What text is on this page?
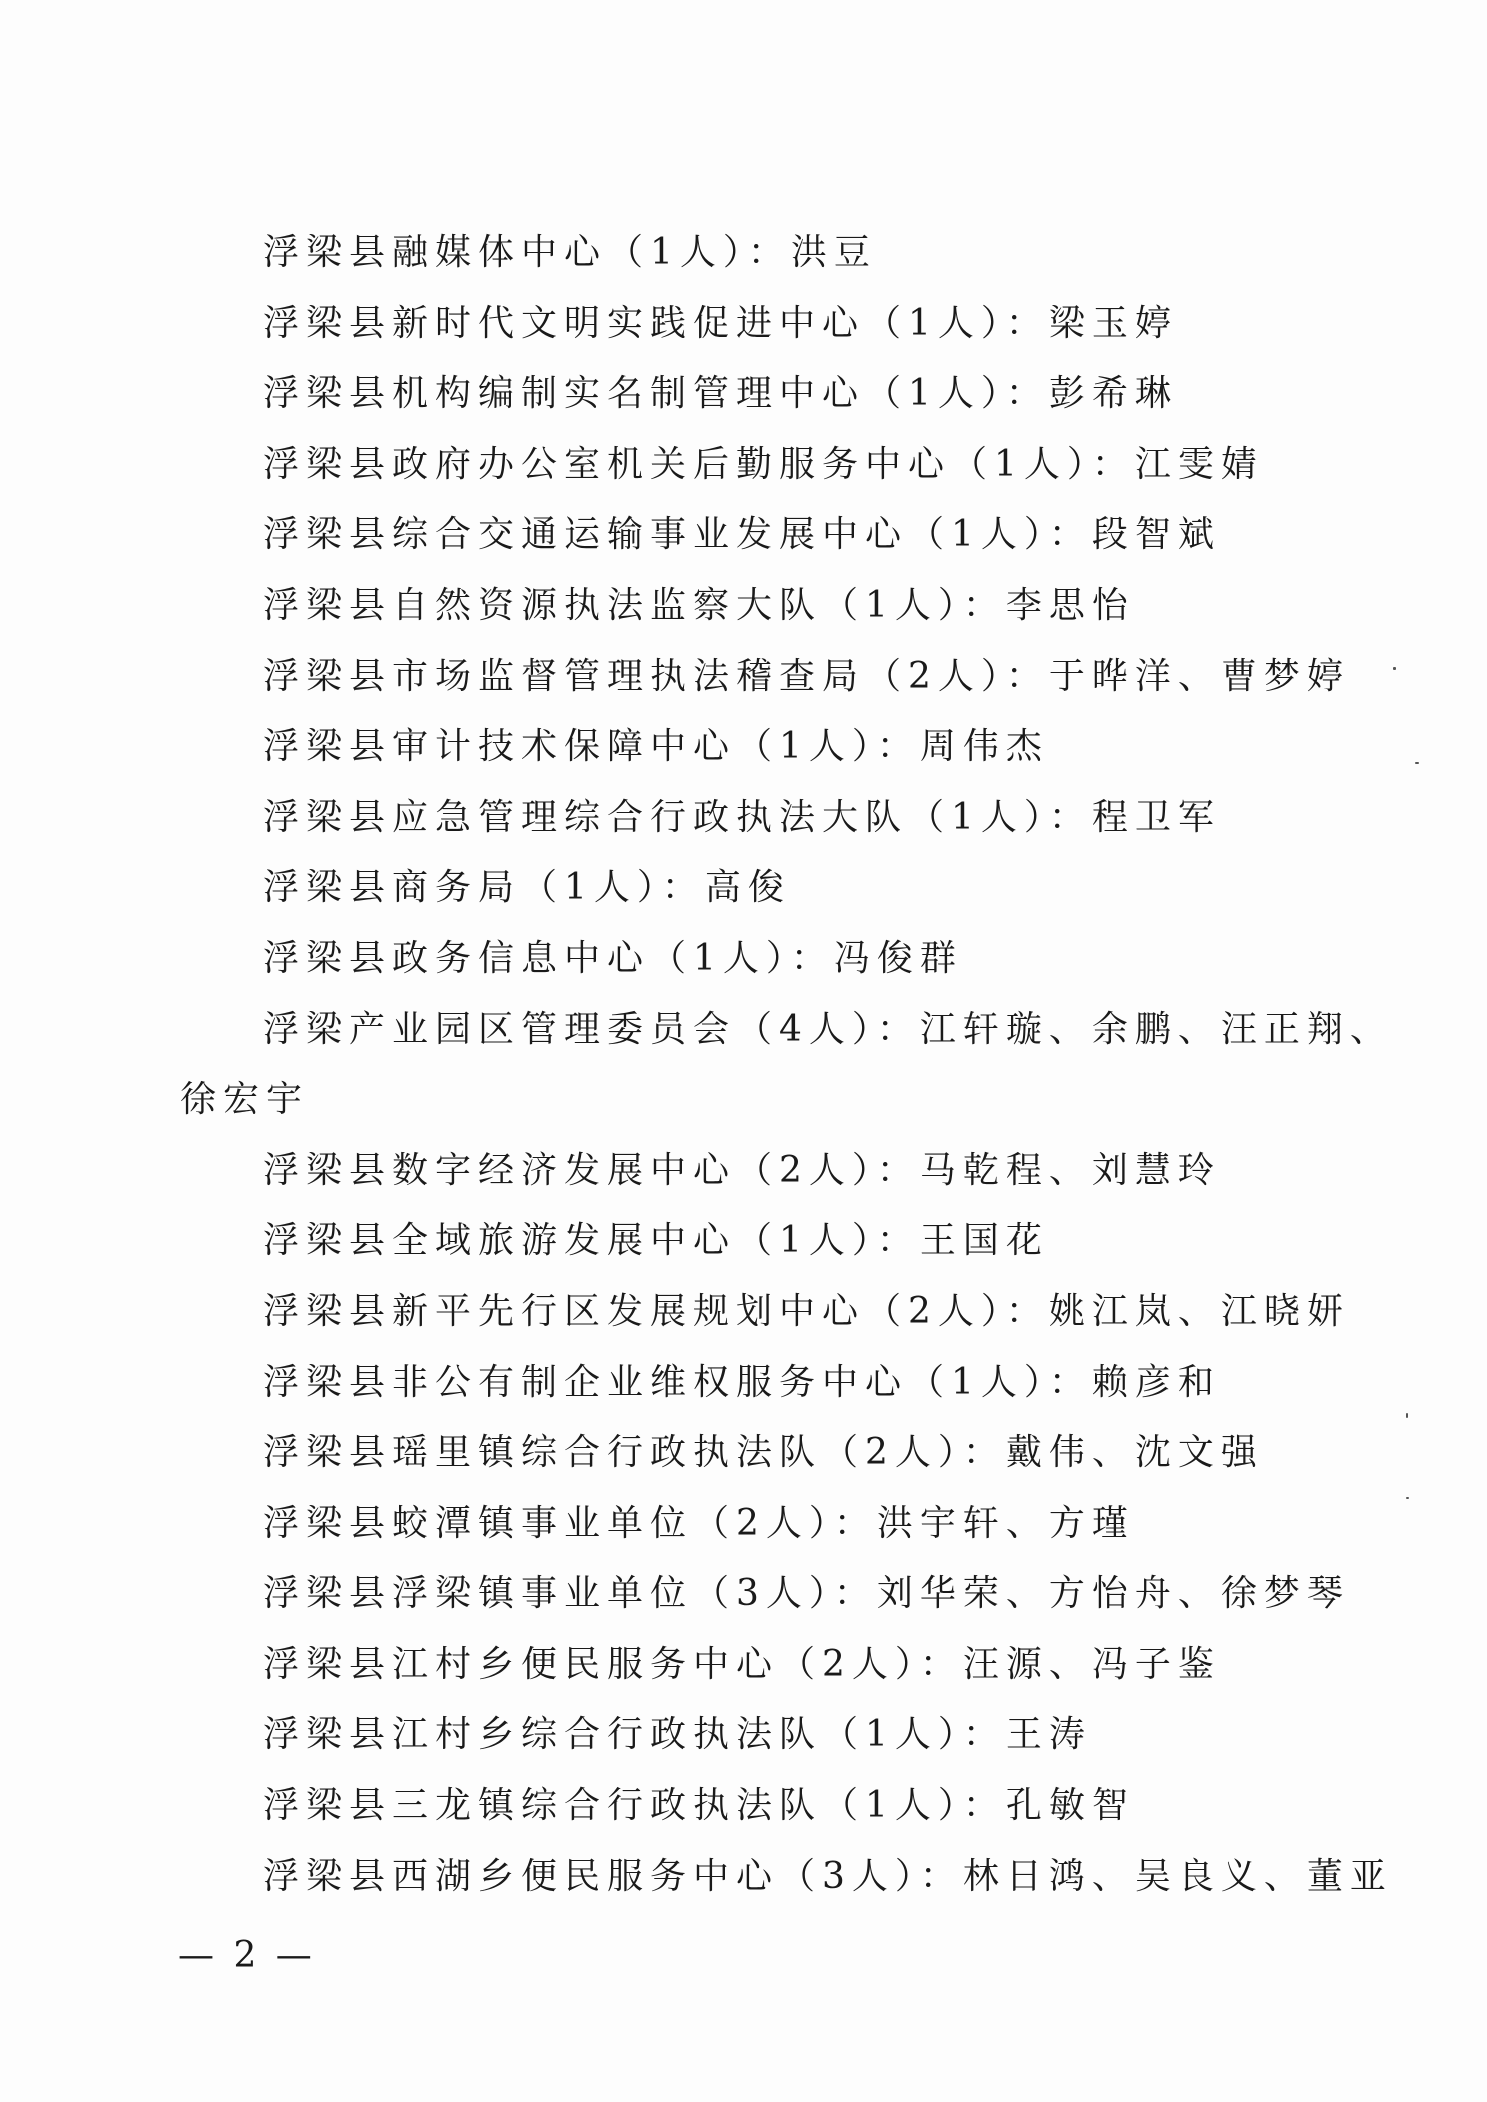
浮梁县融媒体中心（1人）：洪豆
浮梁县新时代文明实践促进中心（1人）：梁玉婷
浮梁县机构编制实名制管理中心（1人）：彭希琳
浮梁县政府办公室机关后勤服务中心（1人）：江雯婧
浮梁县综合交通运输事业发展中心（1人）：段智斌
浮梁县自然资源执法监察大队（1人）：李思怡
浮梁县市场监督管理执法稽查局（2人）：于晔洋、曹梦婷
浮梁县审计技术保障中心（1人）：周伟杰
浮梁县应急管理综合行政执法大队（1人）：程卫军
浮梁县商务局（1人）：高俊
浮梁县政务信息中心（1人）：冯俊群
浮梁产业园区管理委员会（4人）：江轩璇、余鹏、汪正翔、
徐宏宇
浮梁县数字经济发展中心（2人）：马乾程、刘慧玲
浮梁县全域旅游发展中心（1人）：王国花
浮梁县新平先行区发展规划中心（2人）：姚江岚、江晓妍
浮梁县非公有制企业维权服务中心（1人）：赖彦和
浮梁县瑶里镇综合行政执法队（2人）：戴伟、沈文强
浮梁县蛟潭镇事业单位（2人）：洪宇轩、方瑾
浮梁县浮梁镇事业单位（3人）：刘华荣、方怡舟、徐梦琴
浮梁县江村乡便民服务中心（2人）：汪源、冯子鉴
浮梁县江村乡综合行政执法队（1人）：王涛
浮梁县三龙镇综合行政执法队（1人）：孔敏智
浮梁县西湖乡便民服务中心（3人）：林日鸿、吴良义、董亚
— 2 —
